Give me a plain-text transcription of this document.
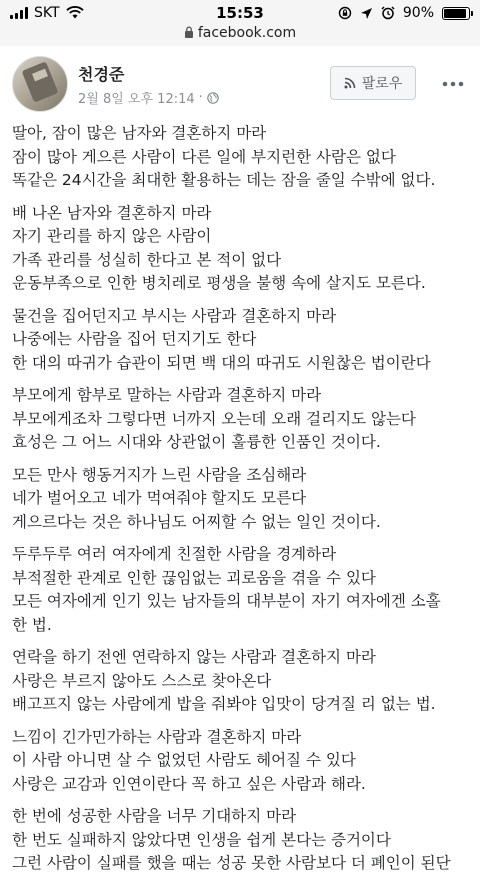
SKT	15:53	90%
facebook.com
천경준
2월 8일 오후 12:14 ·
팔로우
딸아, 잠이 많은 남자와 결혼하지 마라
잠이 많아 게으른 사람이 다른 일에 부지런한 사람은 없다
똑같은 24시간을 최대한 활용하는 데는 잠을 줄일 수밖에 없다.
배 나온 남자와 결혼하지 마라
자기 관리를 하지 않은 사람이
가족 관리를 성실히 한다고 본 적이 없다
운동부족으로 인한 병치레로 평생을 불행 속에 살지도 모른다.
물건을 집어던지고 부시는 사람과 결혼하지 마라
나중에는 사람을 집어 던지기도 한다
한 대의 따귀가 습관이 되면 백 대의 따귀도 시원찮은 법이란다
부모에게 함부로 말하는 사람과 결혼하지 마라
부모에게조차 그렇다면 너까지 오는데 오래 걸리지도 않는다
효성은 그 어느 시대와 상관없이 훌륭한 인품인 것이다.
모든 만사 행동거지가 느린 사람을 조심해라
네가 벌어오고 네가 먹여줘야 할지도 모른다
게으르다는 것은 하나님도 어찌할 수 없는 일인 것이다.
두루두루 여러 여자에게 친절한 사람을 경계하라
부적절한 관계로 인한 끊임없는 괴로움을 겪을 수 있다
모든 여자에게 인기 있는 남자들의 대부분이 자기 여자에겐 소홀
한 법.
연락을 하기 전엔 연락하지 않는 사람과 결혼하지 마라
사랑은 부르지 않아도 스스로 찾아온다
배고프지 않는 사람에게 밥을 줘봐야 입맛이 당겨질 리 없는 법.
느낌이 긴가민가하는 사람과 결혼하지 마라
이 사람 아니면 살 수 없었던 사람도 헤어질 수 있다
사랑은 교감과 인연이란다 꼭 하고 싶은 사람과 해라.
한 번에 성공한 사람을 너무 기대하지 마라
한 번도 실패하지 않았다면 인생을 쉽게 본다는 증거이다
그런 사람이 실패를 했을 때는 성공 못한 사람보다 더 폐인이 된단
